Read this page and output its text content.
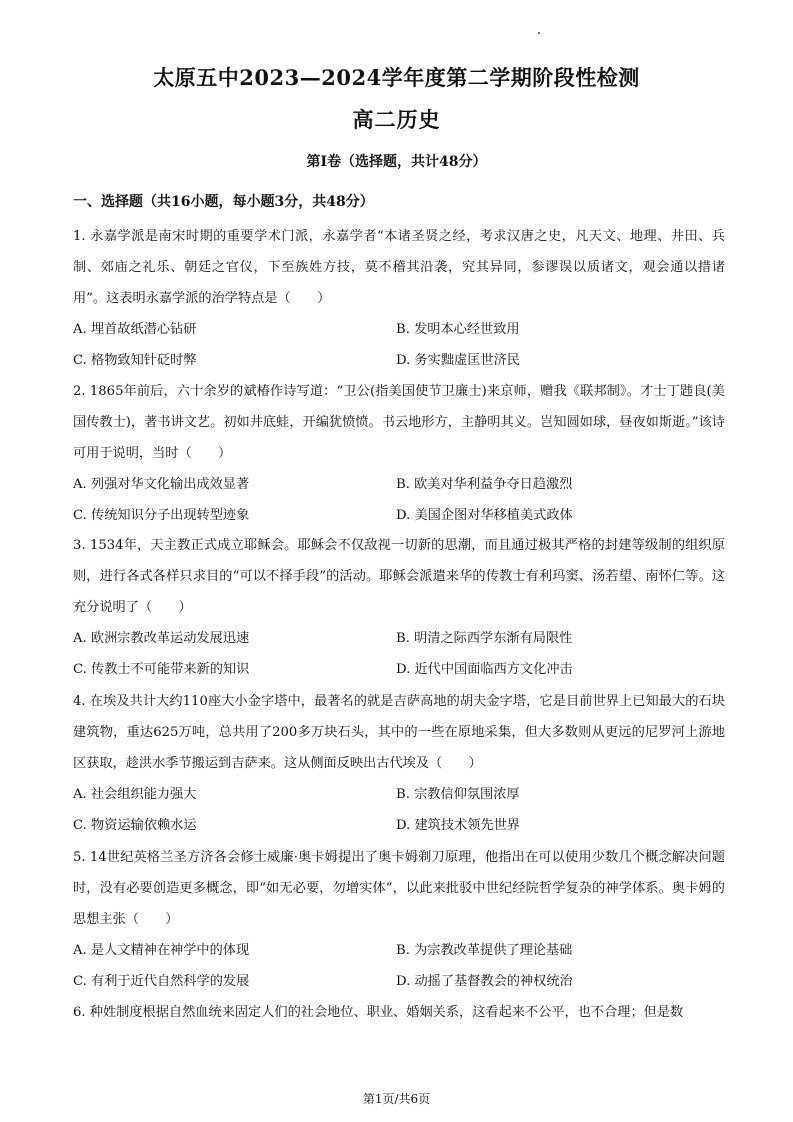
太原五中2023—2024学年度第二学期阶段性检测
高二历史
第Ⅰ卷（选择题，共计48分）
一、选择题（共16小题，每小题3分，共48分）
1. 永嘉学派是南宋时期的重要学术门派，永嘉学者“本诸圣贤之经，考求汉唐之史，凡天文、地理、井田、兵制、郊庙之礼乐、朝廷之官仪，下至族姓方技，莫不稽其沿袭，究其异同，参谬误以质诸文，观会通以措诸用”。这表明永嘉学派的治学特点是（　　）
A. 埋首故纸潜心钻研	B. 发明本心经世致用
C. 格物致知针砭时弊	D. 务实黜虚匡世济民
2. 1865年前后，六十余岁的斌椿作诗写道：“卫公(指美国使节卫廉士)来京师，赠我《联邦制》。才士丁韪良(美国传教士)，著书讲文艺。初如井底蛙，开编犹愤愤。书云地形方，主静明其义。岂知圆如球，昼夜如斯逝。”该诗可用于说明，当时（　　）
A. 列强对华文化输出成效显著	B. 欧美对华利益争夺日趋激烈
C. 传统知识分子出现转型迹象	D. 美国企图对华移植美式政体
3. 1534年，天主教正式成立耶稣会。耶稣会不仅敌视一切新的思潮，而且通过极其严格的封建等级制的组织原则，进行各式各样只求目的“可以不择手段”的活动。耶稣会派遣来华的传教士有利玛窦、汤若望、南怀仁等。这充分说明了（　　）
A. 欧洲宗教改革运动发展迅速	B. 明清之际西学东渐有局限性
C. 传教士不可能带来新的知识	D. 近代中国面临西方文化冲击
4. 在埃及共计大约110座大小金字塔中，最著名的就是吉萨高地的胡夫金字塔，它是目前世界上已知最大的石块建筑物，重达625万吨，总共用了200多万块石头，其中的一些在原地采集，但大多数则从更远的尼罗河上游地区获取，趁洪水季节搬运到吉萨来。这从侧面反映出古代埃及（　　）
A. 社会组织能力强大	B. 宗教信仰氛围浓厚
C. 物资运输依赖水运	D. 建筑技术领先世界
5. 14世纪英格兰圣方济各会修士威廉·奥卡姆提出了奥卡姆剃刀原理，他指出在可以使用少数几个概念解决问题时，没有必要创造更多概念，即“如无必要，勿增实体”，以此来批驳中世纪经院哲学复杂的神学体系。奥卡姆的思想主张（　　）
A. 是人文精神在神学中的体现	B. 为宗教改革提供了理论基础
C. 有利于近代自然科学的发展	D. 动摇了基督教会的神权统治
6. 种姓制度根据自然血统来固定人们的社会地位、职业、婚姻关系，这看起来不公平，也不合理；但是数
第1页/共6页
